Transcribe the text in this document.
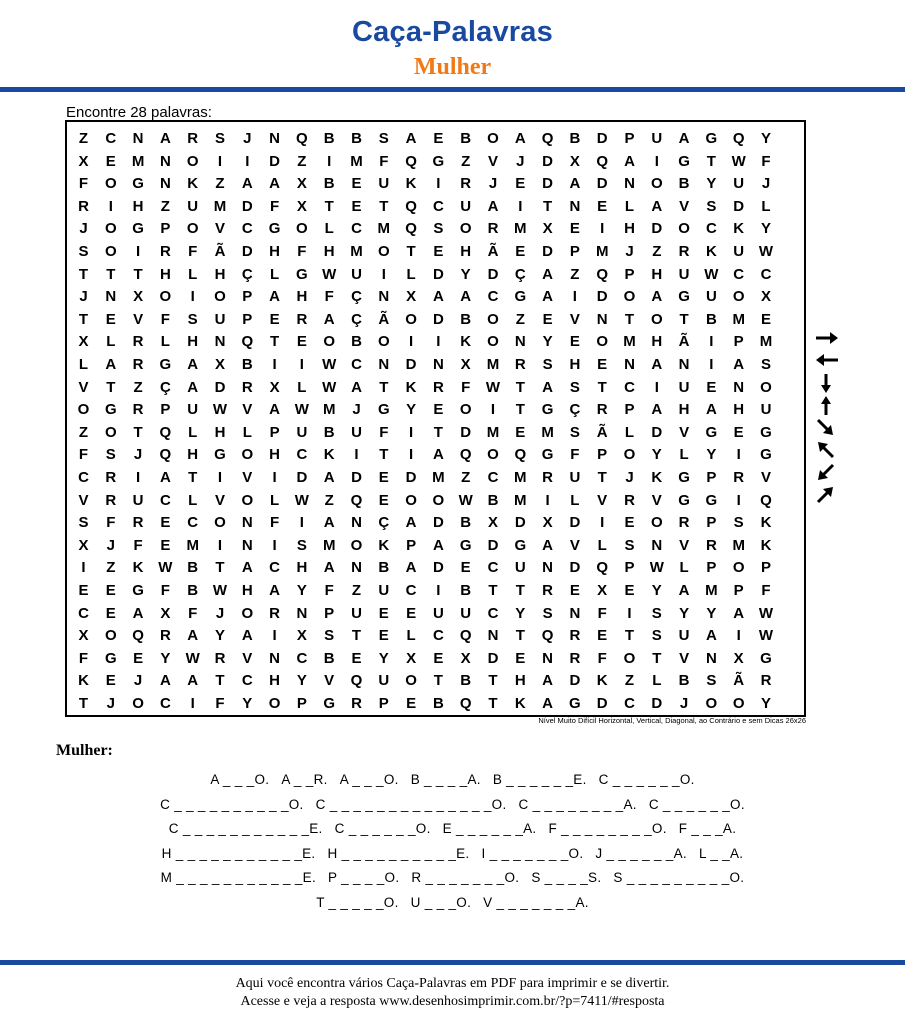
Caça-Palavras
Mulher
Encontre 28 palavras:
Z	C	N	A	R	S	J	N	Q	B	B	S	A	E	B	O	A	Q	B	D	P	U	A	G	Q	Y
X	E	M	N	O	I	I	D	Z	I	M	F	Q	G	Z	V	J	D	X	Q	A	I	G	T	W	F
F	O	G	N	K	Z	A	A	X	B	E	U	K	I	R	J	E	D	A	D	N	O	B	Y	U	J
R	I	H	Z	U	M	D	F	X	T	E	T	Q	C	U	A	I	T	N	E	L	A	V	S	D	L
J	O	G	P	O	V	C	G	O	L	C	M	Q	S	O	R	M	X	E	I	H	D	O	C	K	Y
S	O	I	R	F	Ã	D	H	F	H	M	O	T	E	H	Ã	E	D	P	M	J	Z	R	K	U W
T	T	T	H	L	H	Ç	L	G W U	I	L	D	Y	D	Ç	A	Z	Q	P	H	U W C	C
J	N	X	O	I	O	P	A	H	F	Ç	N	X	A	A	C	G	A	I	D	O	A	G	U	O	X
T	E	V	F	S	U	P	E	R	A	Ç	Ã	O	D	B	O	Z	E	V	N	T	O	T	B	M	E
X	L	R	L	H	N	Q	T	E	O	B	O	I	I	K	O	N	Y	E	O	M	H	Ã	I	P	M
L	A	R	G	A	X	B	I	I	W C	N	D	N	X	M	R	S	H	E	N	A	N	I	A	S
V	T	Z	Ç	A	D	R	X	L	W A	T	K	R	F	W	T	A	S	T	C	I	U	E	N	O
O	G	R	P	U W	V	A W M	J	G	Y	E	O	I	T	G	Ç	R	P	A	H	A	H	U
Z	O	T	Q	L	H	L	P	U	B	U	F	I	T	D	M	E	M	S	Ã	L	D	V	G	E	G
F	S	J	Q	H	G	O	H	C	K	I	T	I	A	Q	O	Q	G	F	P	O	Y	L	Y	I	G
C	R	I	A	T	I	V	I	D	A	D	E	D	M	Z	C	M	R	U	T	J	K	G	P	R	V
V	R	U	C	L	V	O	L	W	Z	Q	E	O	O W B	M	I	L	V	R	V	G	G	I	Q
S	F	R	E	C	O	N	F	I	A	N	Ç	A	D	B	X	D	X	D	I	E	O	R	P	S	K
X	J	F	E	M	I	N	I	S	M	O	K	P	A	G	D	G	A	V	L	S	N	V	R	M	K
I	Z	K W B	T	A	C	H	A	N	B	A	D	E	C	U	N	D	Q	P	W	L	P	O	P
E	E	G	F	B W H	A	Y	F	Z	U	C	I	B	T	T	R	E	X	E	Y	A	M	P	F
C	E	A	X	F	J	O	R	N	P	U	E	E	U	U	C	Y	S	N	F	I	S	Y	Y	A W
X	O	Q	R	A	Y	A	I	X	S	T	E	L	C	Q	N	T	Q	R	E	T	S	U	A	I	W
F	G	E	Y	W R	V	N	C	B	E	Y	X	E	X	D	E	N	R	F	O	T	V	N	X	G
K	E	J	A	A	T	C	H	Y	V	Q	U	O	T	B	T	H	A	D	K	Z	L	B	S	Ã	R
T	J	O	C	I	F	Y	O	P	G	R	P	E	B	Q	T	K	A	G	D	C	D	J	O	O	Y
Nível Muito Difícil Horizontal, Vertical, Diagonal, ao Contrário e sem Dicas 26x26
Mulher:
A _ _ _O. A _ _R. A _ _ _O. B _ _ _ _A. B _ _ _ _ _ _E. C _ _ _ _ _ _O.
C _ _ _ _ _ _ _ _ _ _O. C _ _ _ _ _ _ _ _ _ _ _ _ _ _O. C _ _ _ _ _ _ _ _A. C _ _ _ _ _ _O.
C _ _ _ _ _ _ _ _ _ _ _E. C _ _ _ _ _ _O. E _ _ _ _ _ _A. F _ _ _ _ _ _ _ _O. F _ _ _A.
H _ _ _ _ _ _ _ _ _ _ _E. H _ _ _ _ _ _ _ _ _ _E. I _ _ _ _ _ _ _O. J _ _ _ _ _ _A. L _ _A.
M _ _ _ _ _ _ _ _ _ _ _E. P _ _ _ _O. R _ _ _ _ _ _ _O. S _ _ _ _S. S _ _ _ _ _ _ _ _ _O.
T _ _ _ _ _O. U _ _ _O. V _ _ _ _ _ _ _A.
Aqui você encontra vários Caça-Palavras em PDF para imprimir e se divertir.
Acesse e veja a resposta www.desenhosimprimir.com.br/?p=7411/#resposta
